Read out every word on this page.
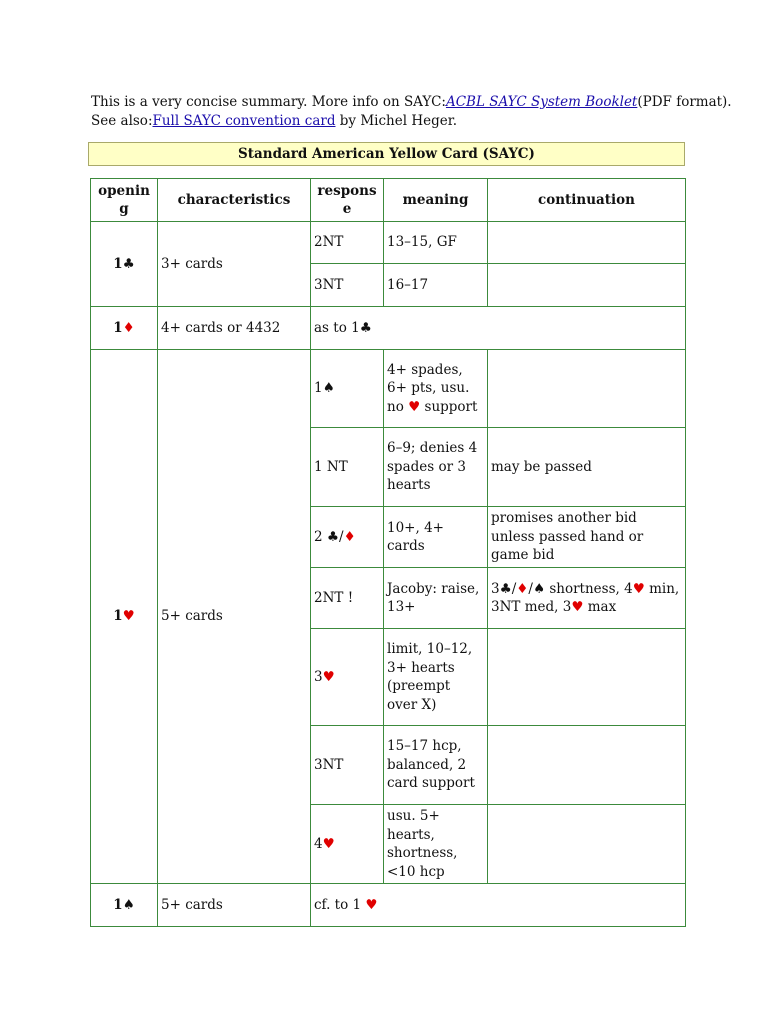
This is a very concise summary. More info on SAYC:ACBL SAYC System Booklet(PDF format).
See also:Full SAYC convention card by Michel Heger.
Standard American Yellow Card (SAYC)
opening	characteristics	response	meaning	continuation
1♣	3+ cards	2NT	13–15, GF	
		3NT	16–17	
1♦	4+ cards or 4432	as to 1♣		
1♥	5+ cards	1♠	4+ spades, 6+ pts, usu. no ♥ support	
		1 NT	6–9; denies 4 spades or 3 hearts	may be passed
		2 ♣/♦	10+, 4+ cards	promises another bid unless passed hand or game bid
		2NT !	Jacoby: raise, 13+	3♣/♦/♠ shortness, 4♥ min, 3NT med, 3♥ max
		3♥	limit, 10–12, 3+ hearts (preempt over X)	
		3NT	15–17 hcp, balanced, 2 card support	
		4♥	usu. 5+ hearts, shortness, <10 hcp	
1♠	5+ cards	cf. to 1 ♥		
